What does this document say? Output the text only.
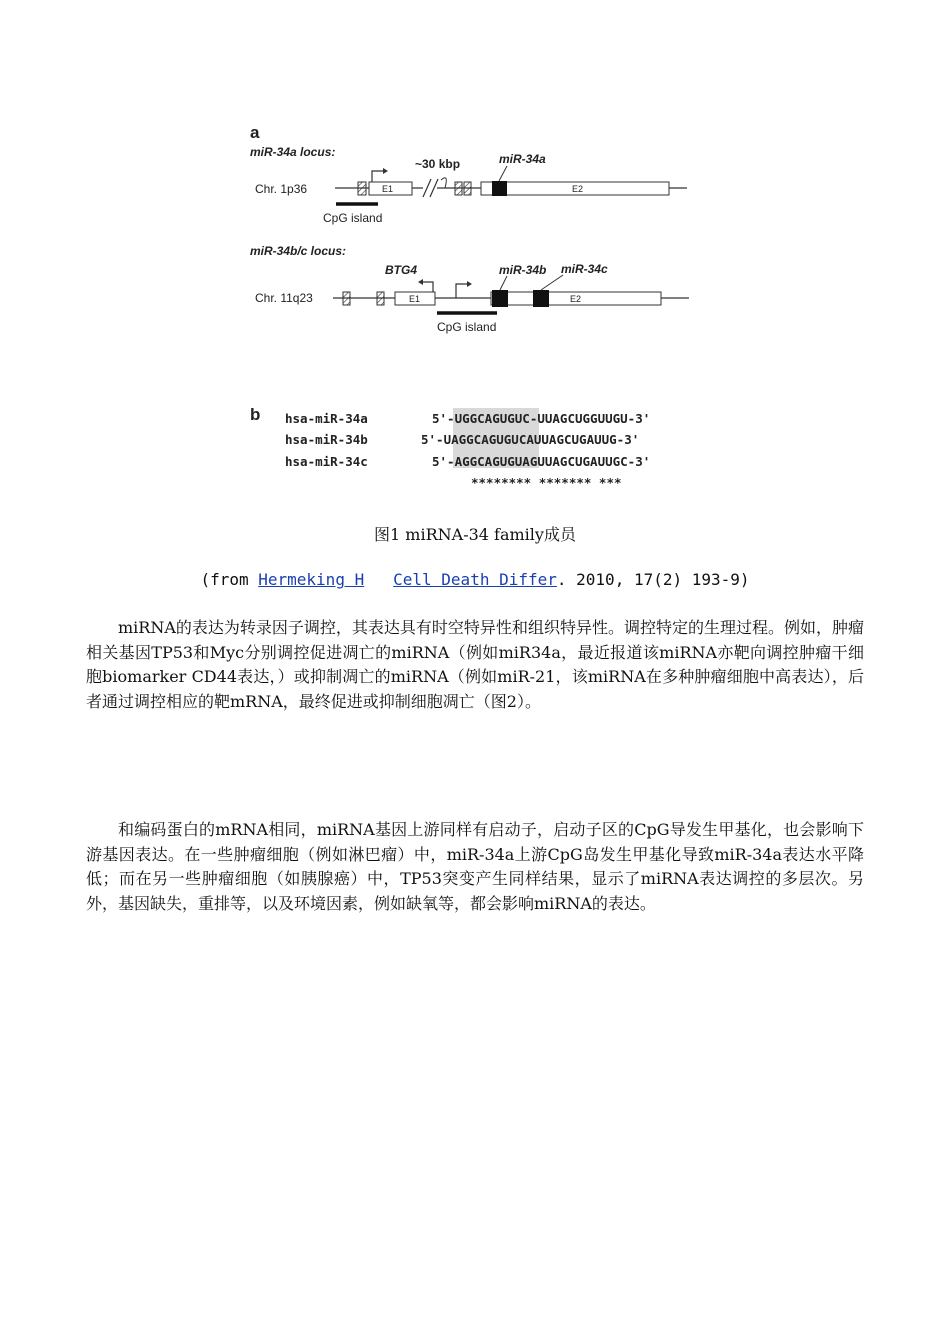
a
miR-34a locus:
Chr. 1p36	E1
CpG island
~30 kbp
E2
miR-34a
miR-34b/c locus:
Chr. 11q23	E1
BTG4
CpG island
E2
miR-34b miR-34c
b hsa-miR-34a	5'-UGGCAGUGUC-UUAGCUGGUUGU-3'
hsa-miR-34b	5'-UAGGCAGUGUCAUUAGCUGAUUG-3'
hsa-miR-34c	5'-AGGCAGUGUAGUUAGCUGAUUGC-3'
******** ******* ***
图1 miRNA-34 family成员
(from Hermeking H Cell Death Differ. 2010, 17(2) 193-9)

miRNA的表达为转录因子调控，其表达具有时空特异性和组织特异性。调控特定的生理过程。例如，肿瘤相关基因TP53和Myc分别调控促进凋亡的miRNA（例如miR34a，最近报道该miRNA亦靶向调控肿瘤干细胞biomarker CD44表达，）或抑制凋亡的miRNA（例如miR-21，该miRNA在多种肿瘤细胞中高表达），后者通过调控相应的靶mRNA，最终促进或抑制细胞凋亡（图2）。

和编码蛋白的mRNA相同，miRNA基因上游同样有启动子，启动子区的CpG导发生甲基化，也会影响下游基因表达。在一些肿瘤细胞（例如淋巴瘤）中，miR-34a上游CpG岛发生甲基化导致miR-34a表达水平降低；而在另一些肿瘤细胞（如胰腺癌）中，TP53突变产生同样结果，显示了miRNA表达调控的多层次。另外，基因缺失，重排等，以及环境因素，例如缺氧等，都会影响miRNA的表达。
